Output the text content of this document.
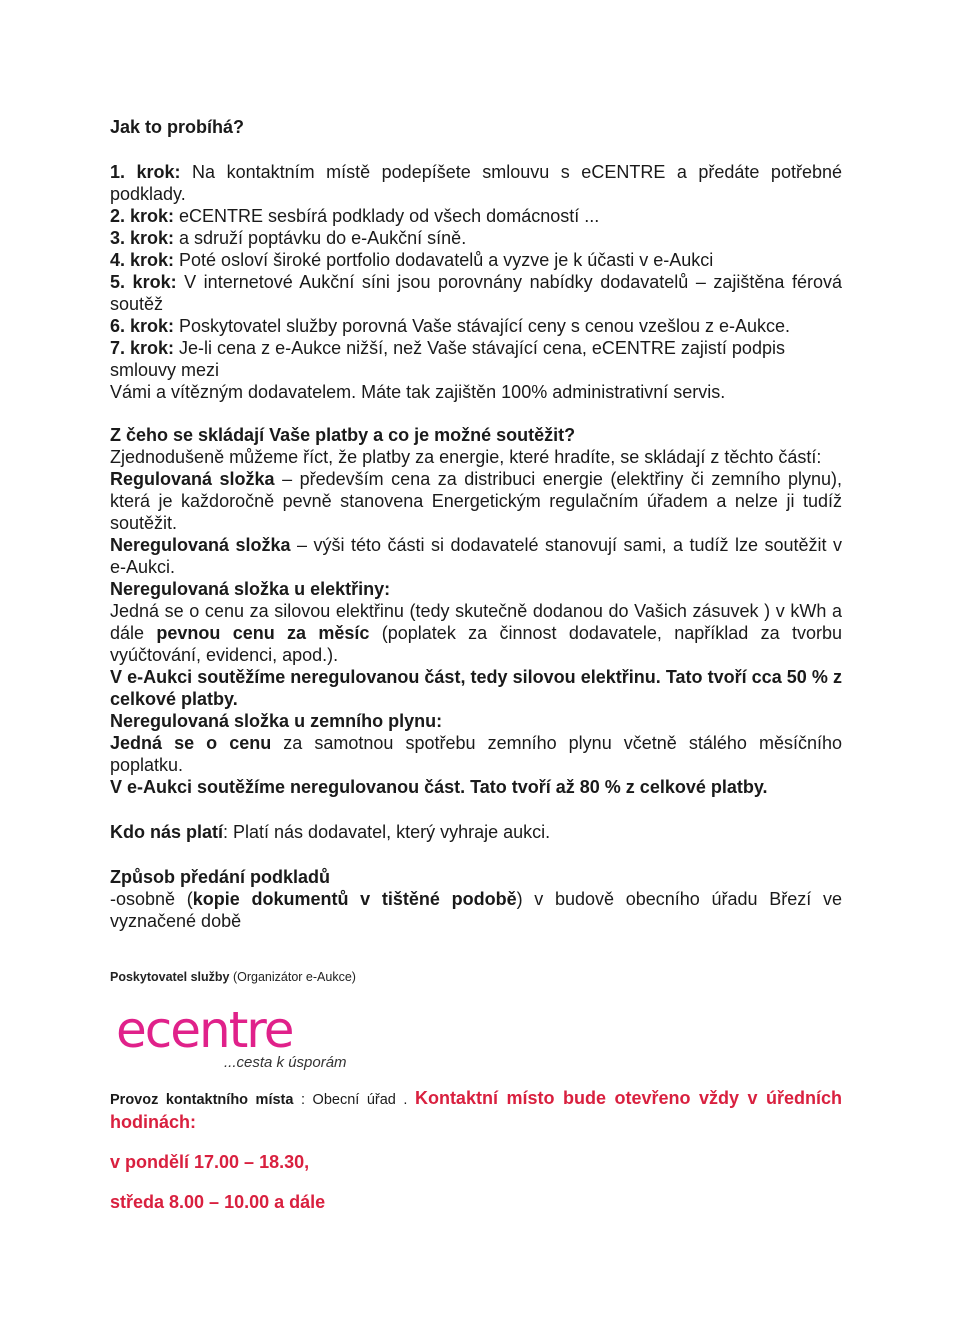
Jak to probíhá?

1. krok: Na kontaktním místě podepíšete smlouvu s eCENTRE a předáte potřebné podklady.

2. krok: eCENTRE sesbírá podklady od všech domácností ...

3. krok: a sdruží poptávku do e-Aukční síně.

4. krok: Poté osloví široké portfolio dodavatelů a vyzve je k účasti v e-Aukci

5. krok: V internetové Aukční síni jsou porovnány nabídky dodavatelů – zajištěna férová soutěž

6. krok: Poskytovatel služby porovná Vaše stávající ceny s cenou vzešlou z e-Aukce.

7. krok: Je-li cena z e-Aukce nižší, než Vaše stávající cena, eCENTRE zajistí podpis smlouvy mezi

Vámi a vítězným dodavatelem. Máte tak zajištěn 100% administrativní servis.

Z čeho se skládají Vaše platby a co je možné soutěžit?

Zjednodušeně můžeme říct, že platby za energie, které hradíte, se skládají z těchto částí:

Regulovaná složka – především cena za distribuci energie (elektřiny či zemního plynu), která je každoročně pevně stanovena Energetickým regulačním úřadem a nelze ji tudíž soutěžit.

Neregulovaná složka – výši této části si dodavatelé stanovují sami, a tudíž lze soutěžit v e-Aukci.

Neregulovaná složka u elektřiny:

Jedná se o cenu za silovou elektřinu (tedy skutečně dodanou do Vašich zásuvek ) v kWh a dále pevnou cenu za měsíc (poplatek za činnost dodavatele, například za tvorbu vyúčtování, evidenci, apod.).

V e-Aukci soutěžíme neregulovanou část, tedy silovou elektřinu. Tato tvoří cca 50 % z celkové platby.

Neregulovaná složka u zemního plynu:

Jedná se o cenu za samotnou spotřebu zemního plynu včetně stálého měsíčního poplatku.

V e-Aukci soutěžíme neregulovanou část. Tato tvoří až 80 % z celkové platby.

Kdo nás platí: Platí nás dodavatel, který vyhraje aukci.

Způsob předání podkladů

-osobně (kopie dokumentů v tištěné podobě) v budově obecního úřadu Březí ve vyznačené době

Poskytovatel služby (Organizátor e-Aukce)

ecentre
...cesta k úsporám

Provoz kontaktního místa : Obecní úřad . Kontaktní místo bude otevřeno vždy v úředních hodinách:

v pondělí 17.00 – 18.30,

středa 8.00 – 10.00 a dále
